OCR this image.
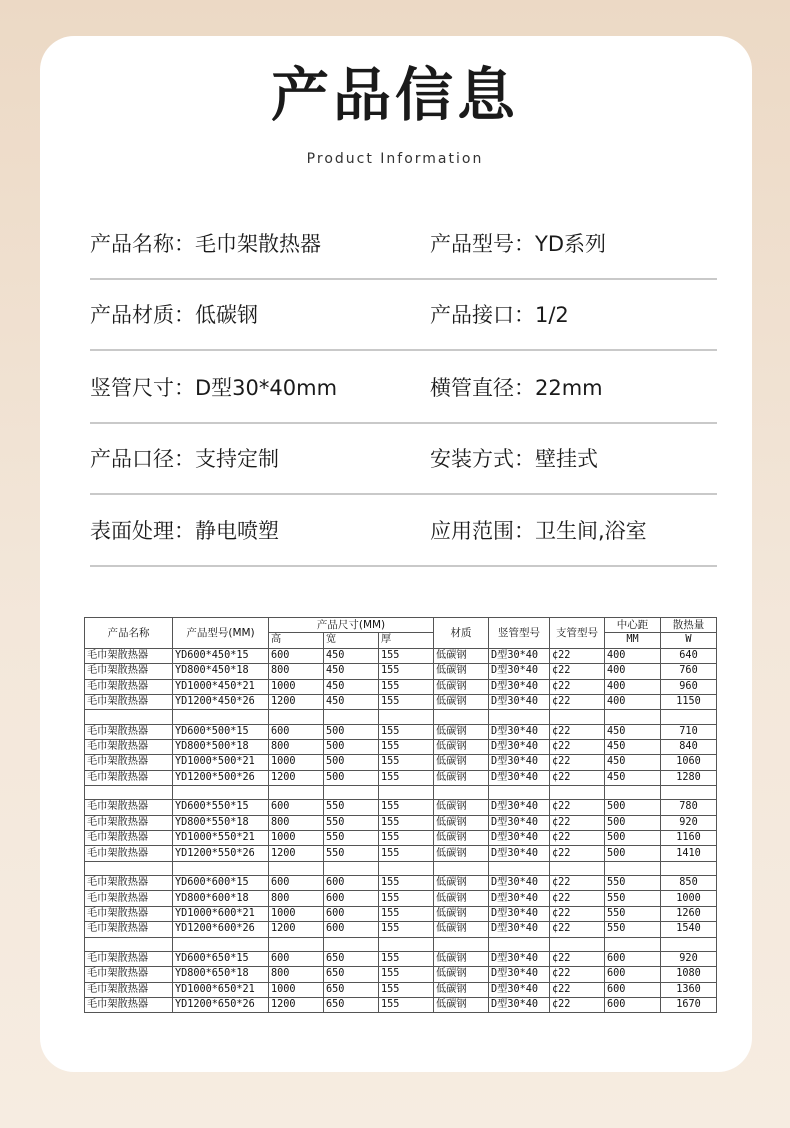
产品信息
Product Information
产品名称：毛巾架散热器	产品型号：YD系列
产品材质：低碳钢	产品接口：1/2
竖管尺寸：D型30*40mm	横管直径：22mm
产品口径：支持定制	安装方式：壁挂式
表面处理：静电喷塑	应用范围：卫生间,浴室
产品名称	产品型号(MM)	产品尺寸(MM)			材质	竖管型号	支管型号	中心距	散热量
		高	宽	厚				MM	W
毛巾架散热器	YD600*450*15	600	450	155	低碳钢	D型30*40	¢22	400	640
毛巾架散热器	YD800*450*18	800	450	155	低碳钢	D型30*40	¢22	400	760
毛巾架散热器	YD1000*450*21	1000	450	155	低碳钢	D型30*40	¢22	400	960
毛巾架散热器	YD1200*450*26	1200	450	155	低碳钢	D型30*40	¢22	400	1150

毛巾架散热器	YD600*500*15	600	500	155	低碳钢	D型30*40	¢22	450	710
毛巾架散热器	YD800*500*18	800	500	155	低碳钢	D型30*40	¢22	450	840
毛巾架散热器	YD1000*500*21	1000	500	155	低碳钢	D型30*40	¢22	450	1060
毛巾架散热器	YD1200*500*26	1200	500	155	低碳钢	D型30*40	¢22	450	1280

毛巾架散热器	YD600*550*15	600	550	155	低碳钢	D型30*40	¢22	500	780
毛巾架散热器	YD800*550*18	800	550	155	低碳钢	D型30*40	¢22	500	920
毛巾架散热器	YD1000*550*21	1000	550	155	低碳钢	D型30*40	¢22	500	1160
毛巾架散热器	YD1200*550*26	1200	550	155	低碳钢	D型30*40	¢22	500	1410

毛巾架散热器	YD600*600*15	600	600	155	低碳钢	D型30*40	¢22	550	850
毛巾架散热器	YD800*600*18	800	600	155	低碳钢	D型30*40	¢22	550	1000
毛巾架散热器	YD1000*600*21	1000	600	155	低碳钢	D型30*40	¢22	550	1260
毛巾架散热器	YD1200*600*26	1200	600	155	低碳钢	D型30*40	¢22	550	1540

毛巾架散热器	YD600*650*15	600	650	155	低碳钢	D型30*40	¢22	600	920
毛巾架散热器	YD800*650*18	800	650	155	低碳钢	D型30*40	¢22	600	1080
毛巾架散热器	YD1000*650*21	1000	650	155	低碳钢	D型30*40	¢22	600	1360
毛巾架散热器	YD1200*650*26	1200	650	155	低碳钢	D型30*40	¢22	600	1670
